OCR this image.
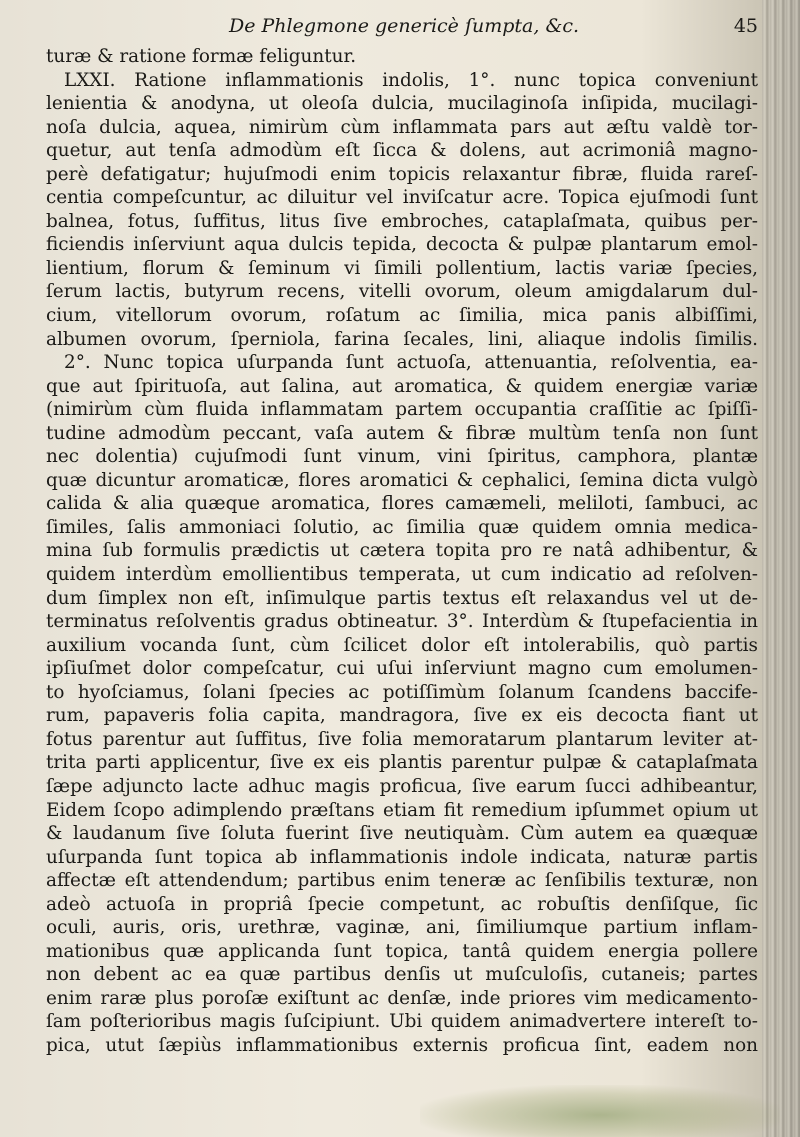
De Phlegmone genericè ſumpta, &c.	45
turæ & ratione formæ feliguntur.
LXXI. Ratione inflammationis indolis, 1°. nunc topica conveniunt
lenientia & anodyna, ut oleoſa dulcia, mucilaginoſa inſipida, mucilagi-
noſa dulcia, aquea, nimirùm cùm inflammata pars aut æſtu valdè tor-
quetur, aut tenſa admodùm eſt ſicca & dolens, aut acrimoniâ magno-
perè defatigatur; hujuſmodi enim topicis relaxantur fibræ, fluida rareſ-
centia compeſcuntur, ac diluitur vel inviſcatur acre. Topica ejuſmodi ſunt
balnea, fotus, ſuffitus, litus ſive embroches, cataplaſmata, quibus per-
ficiendis inſerviunt aqua dulcis tepida, decocta & pulpæ plantarum emol-
lientium, florum & ſeminum vi ſimili pollentium, lactis variæ ſpecies,
ſerum lactis, butyrum recens, vitelli ovorum, oleum amigdalarum dul-
cium, vitellorum ovorum, roſatum ac ſimilia, mica panis albiſſimi,
albumen ovorum, ſperniola, farina ſecales, lini, aliaque indolis ſimilis.
2°. Nunc topica uſurpanda ſunt actuoſa, attenuantia, reſolventia, ea-
que aut ſpirituoſa, aut ſalina, aut aromatica, & quidem energiæ variæ
(nimirùm cùm fluida inflammatam partem occupantia craſſitie ac ſpiſſi-
tudine admodùm peccant, vaſa autem & fibræ multùm tenſa non ſunt
nec dolentia) cujuſmodi ſunt vinum, vini ſpiritus, camphora, plantæ
quæ dicuntur aromaticæ, flores aromatici & cephalici, ſemina dicta vulgò
calida & alia quæque aromatica, flores camæmeli, meliloti, ſambuci, ac
ſimiles, ſalis ammoniaci ſolutio, ac ſimilia quæ quidem omnia medica-
mina ſub formulis prædictis ut cætera topita pro re natâ adhibentur, &
quidem interdùm emollientibus temperata, ut cum indicatio ad reſolven-
dum ſimplex non eſt, inſimulque partis textus eſt relaxandus vel ut de-
terminatus reſolventis gradus obtineatur. 3°. Interdùm & ſtupefacientia in
auxilium vocanda ſunt, cùm ſcilicet dolor eſt intolerabilis, quò partis
ipſiuſmet dolor compeſcatur, cui uſui inſerviunt magno cum emolumen-
to hyoſciamus, ſolani ſpecies ac potiſſimùm ſolanum ſcandens baccife-
rum, papaveris folia capita, mandragora, ſive ex eis decocta fiant ut
fotus parentur aut ſuffitus, ſive folia memoratarum plantarum leviter at-
trita parti applicentur, ſive ex eis plantis parentur pulpæ & cataplaſmata
ſæpe adjuncto lacte adhuc magis proficua, ſive earum ſucci adhibeantur,
Eidem ſcopo adimplendo præſtans etiam fit remedium ipſummet opium ut
& laudanum ſive ſoluta fuerint ſive neutiquàm. Cùm autem ea quæquæ
uſurpanda ſunt topica ab inflammationis indole indicata, naturæ partis
affectæ eſt attendendum; partibus enim teneræ ac ſenſibilis texturæ, non
adeò actuoſa in propriâ ſpecie competunt, ac robuſtis denſiſque, ſic
oculi, auris, oris, urethræ, vaginæ, ani, ſimiliumque partium inflam-
mationibus quæ applicanda ſunt topica, tantâ quidem energia pollere
non debent ac ea quæ partibus denſis ut muſculoſis, cutaneis; partes
enim raræ plus poroſæ exiſtunt ac denſæ, inde priores vim medicamento-
ſam poſterioribus magis ſuſcipiunt. Ubi quidem animadvertere intereſt to-
pica, utut ſæpiùs inflammationibus externis proficua ſint, eadem non
